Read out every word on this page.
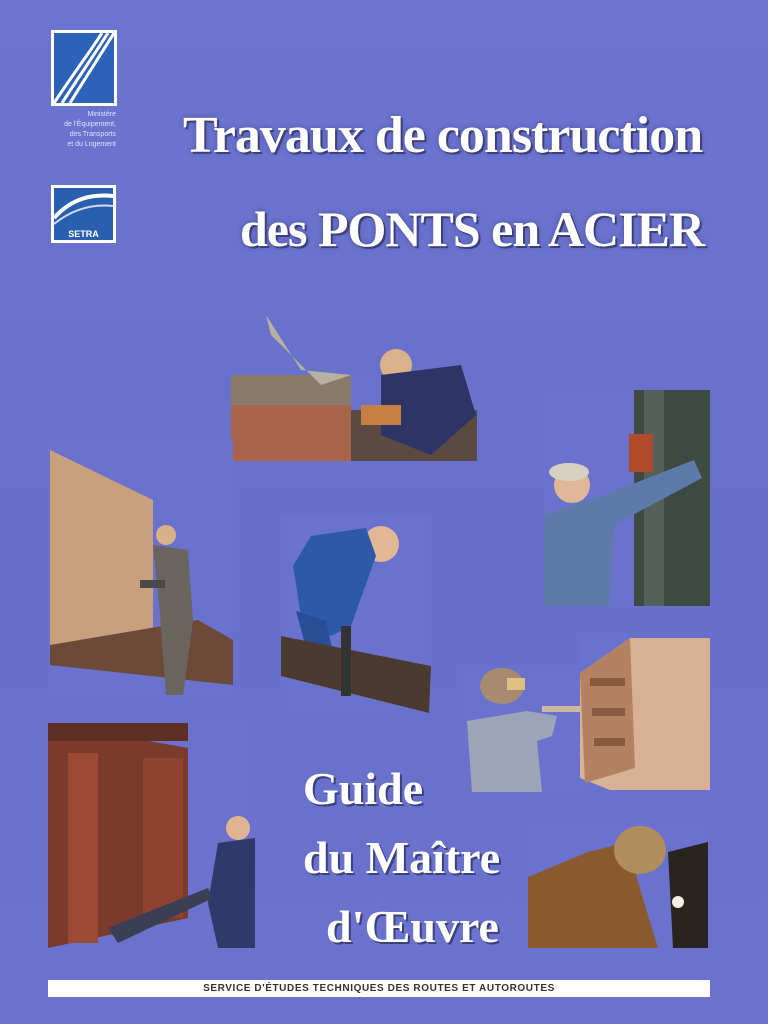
Ministère
de l'Équipement,
des Transports
et du Logement
SETRA
Travaux de construction
des PONTS en ACIER
Guide
du Maître
d'Œuvre
SERVICE D'ÉTUDES TECHNIQUES DES ROUTES ET AUTOROUTES
